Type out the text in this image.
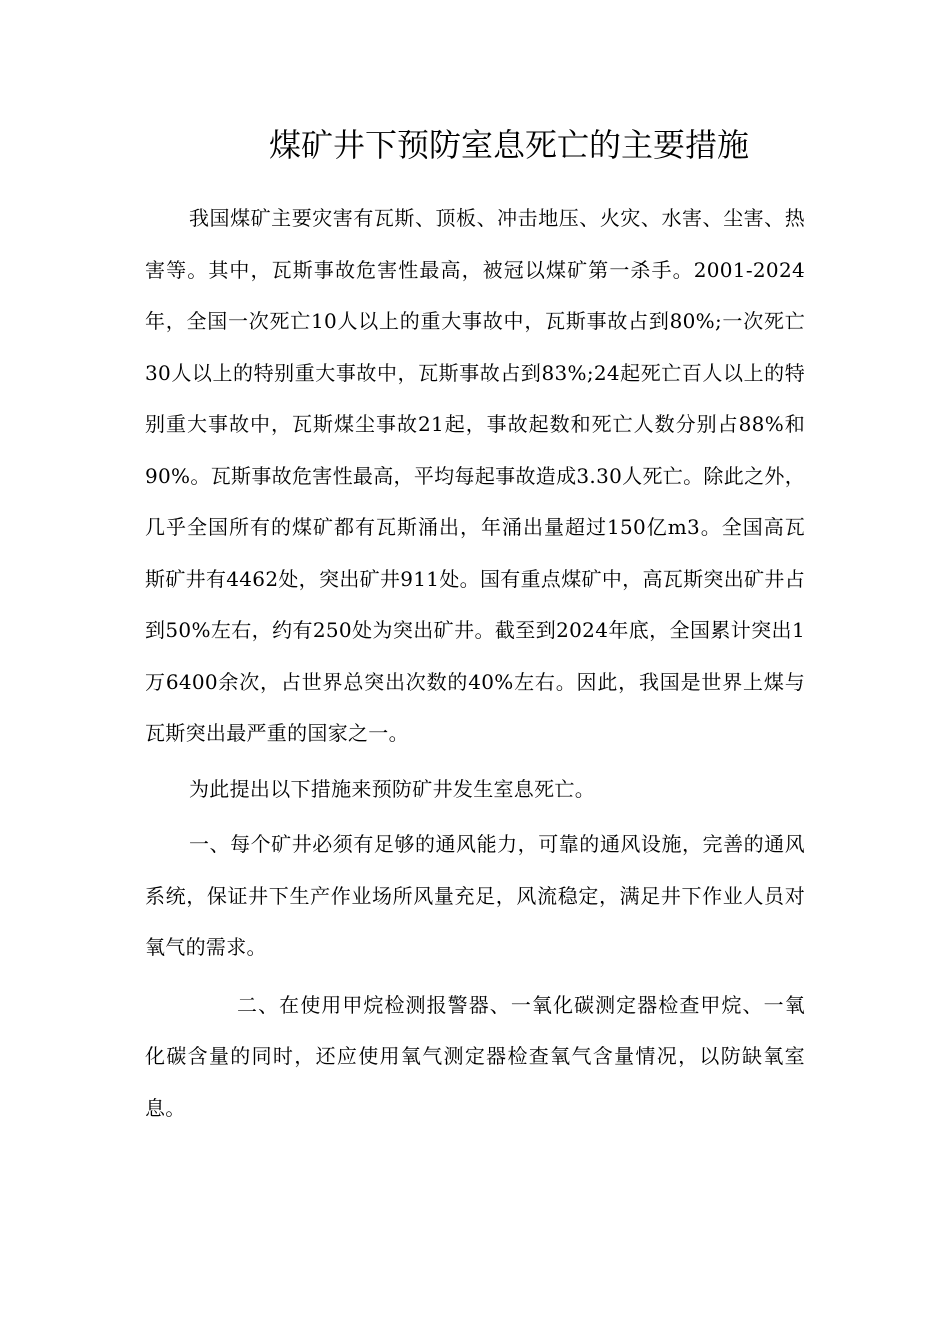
煤矿井下预防室息死亡的主要措施

我国煤矿主要灾害有瓦斯、顶板、冲击地压、火灾、水害、尘害、热害等。其中，瓦斯事故危害性最高，被冠以煤矿第一杀手。2001-2024年，全国一次死亡10人以上的重大事故中，瓦斯事故占到80%;一次死亡30人以上的特别重大事故中，瓦斯事故占到83%;24起死亡百人以上的特别重大事故中，瓦斯煤尘事故21起，事故起数和死亡人数分别占88%和90%。瓦斯事故危害性最高，平均每起事故造成3.30人死亡。除此之外，几乎全国所有的煤矿都有瓦斯涌出，年涌出量超过150亿m3。全国高瓦斯矿井有4462处，突出矿井911处。国有重点煤矿中，高瓦斯突出矿井占到50%左右，约有250处为突出矿井。截至到2024年底，全国累计突出1万6400余次，占世界总突出次数的40%左右。因此，我国是世界上煤与瓦斯突出最严重的国家之一。

为此提出以下措施来预防矿井发生室息死亡。

一、每个矿井必须有足够的通风能力，可靠的通风设施，完善的通风系统，保证井下生产作业场所风量充足，风流稳定，满足井下作业人员对氧气的需求。

二、在使用甲烷检测报警器、一氧化碳测定器检查甲烷、一氧化碳含量的同时，还应使用氧气测定器检查氧气含量情况，以防缺氧室息。
